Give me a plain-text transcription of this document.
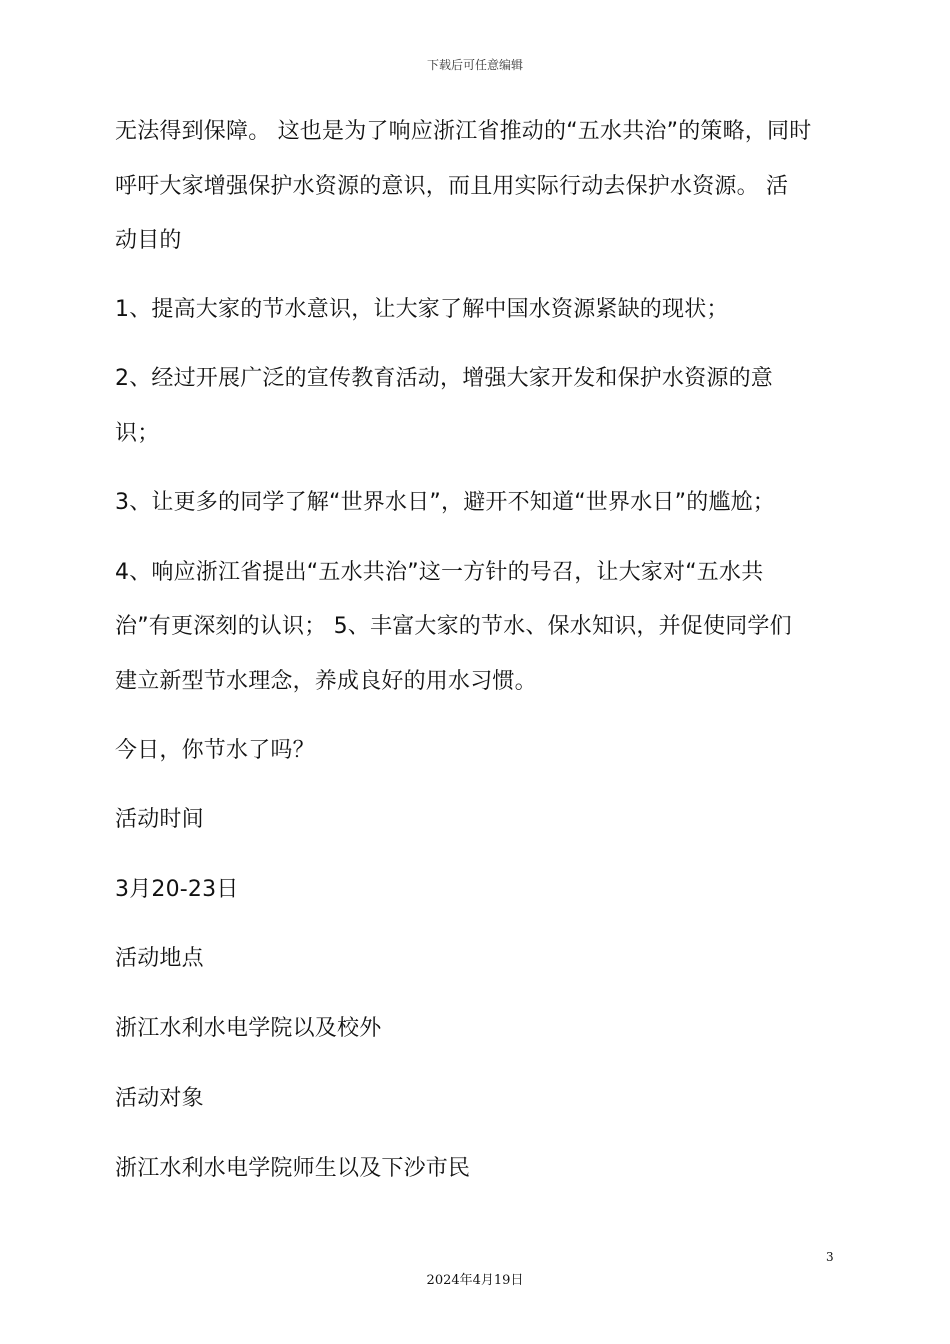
下载后可任意编辑
无法得到保障。 这也是为了响应浙江省推动的“五水共治”的策略，同时
呼吁大家增强保护水资源的意识，而且用实际行动去保护水资源。 活
动目的
1、提高大家的节水意识，让大家了解中国水资源紧缺的现状；
2、经过开展广泛的宣传教育活动，增强大家开发和保护水资源的意
识；
3、让更多的同学了解“世界水日”，避开不知道“世界水日”的尴尬；
4、响应浙江省提出“五水共治”这一方针的号召，让大家对“五水共
治”有更深刻的认识； 5、丰富大家的节水、保水知识，并促使同学们
建立新型节水理念，养成良好的用水习惯。
今日，你节水了吗？
活动时间
3月20-23日
活动地点
浙江水利水电学院以及校外
活动对象
浙江水利水电学院师生以及下沙市民
3
2024年4月19日
